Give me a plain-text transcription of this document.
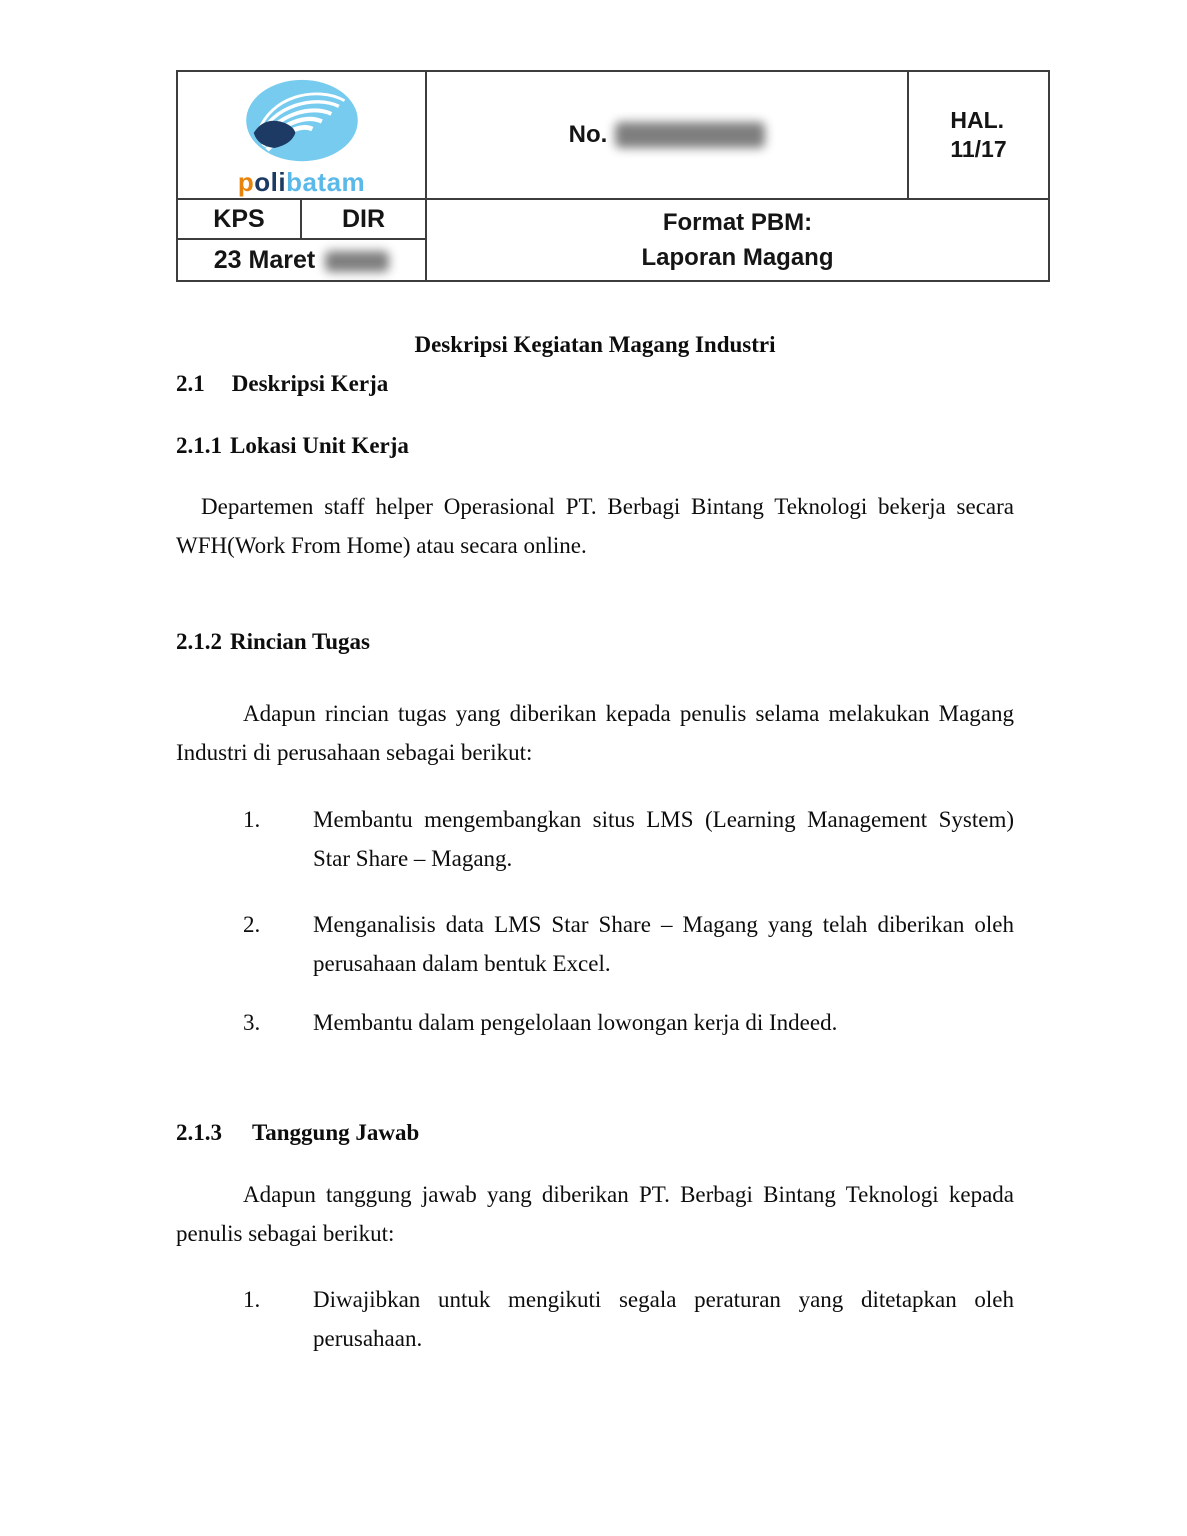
polibatam
No.
HAL.
11/17
KPS	DIR	Format PBM:
Laporan Magang
23 Maret
Deskripsi Kegiatan Magang Industri
2.1 Deskripsi Kerja
2.1.1 Lokasi Unit Kerja
Departemen staff helper Operasional PT. Berbagi Bintang Teknologi bekerja secara
WFH(Work From Home) atau secara online.
2.1.2 Rincian Tugas
Adapun rincian tugas yang diberikan kepada penulis selama melakukan Magang
Industri di perusahaan sebagai berikut:
1. Membantu mengembangkan situs LMS (Learning Management System)
Star Share – Magang.
2. Menganalisis data LMS Star Share – Magang yang telah diberikan oleh
perusahaan dalam bentuk Excel.
3. Membantu dalam pengelolaan lowongan kerja di Indeed.
2.1.3 Tanggung Jawab
Adapun tanggung jawab yang diberikan PT. Berbagi Bintang Teknologi kepada
penulis sebagai berikut:
1. Diwajibkan untuk mengikuti segala peraturan yang ditetapkan oleh
perusahaan.
